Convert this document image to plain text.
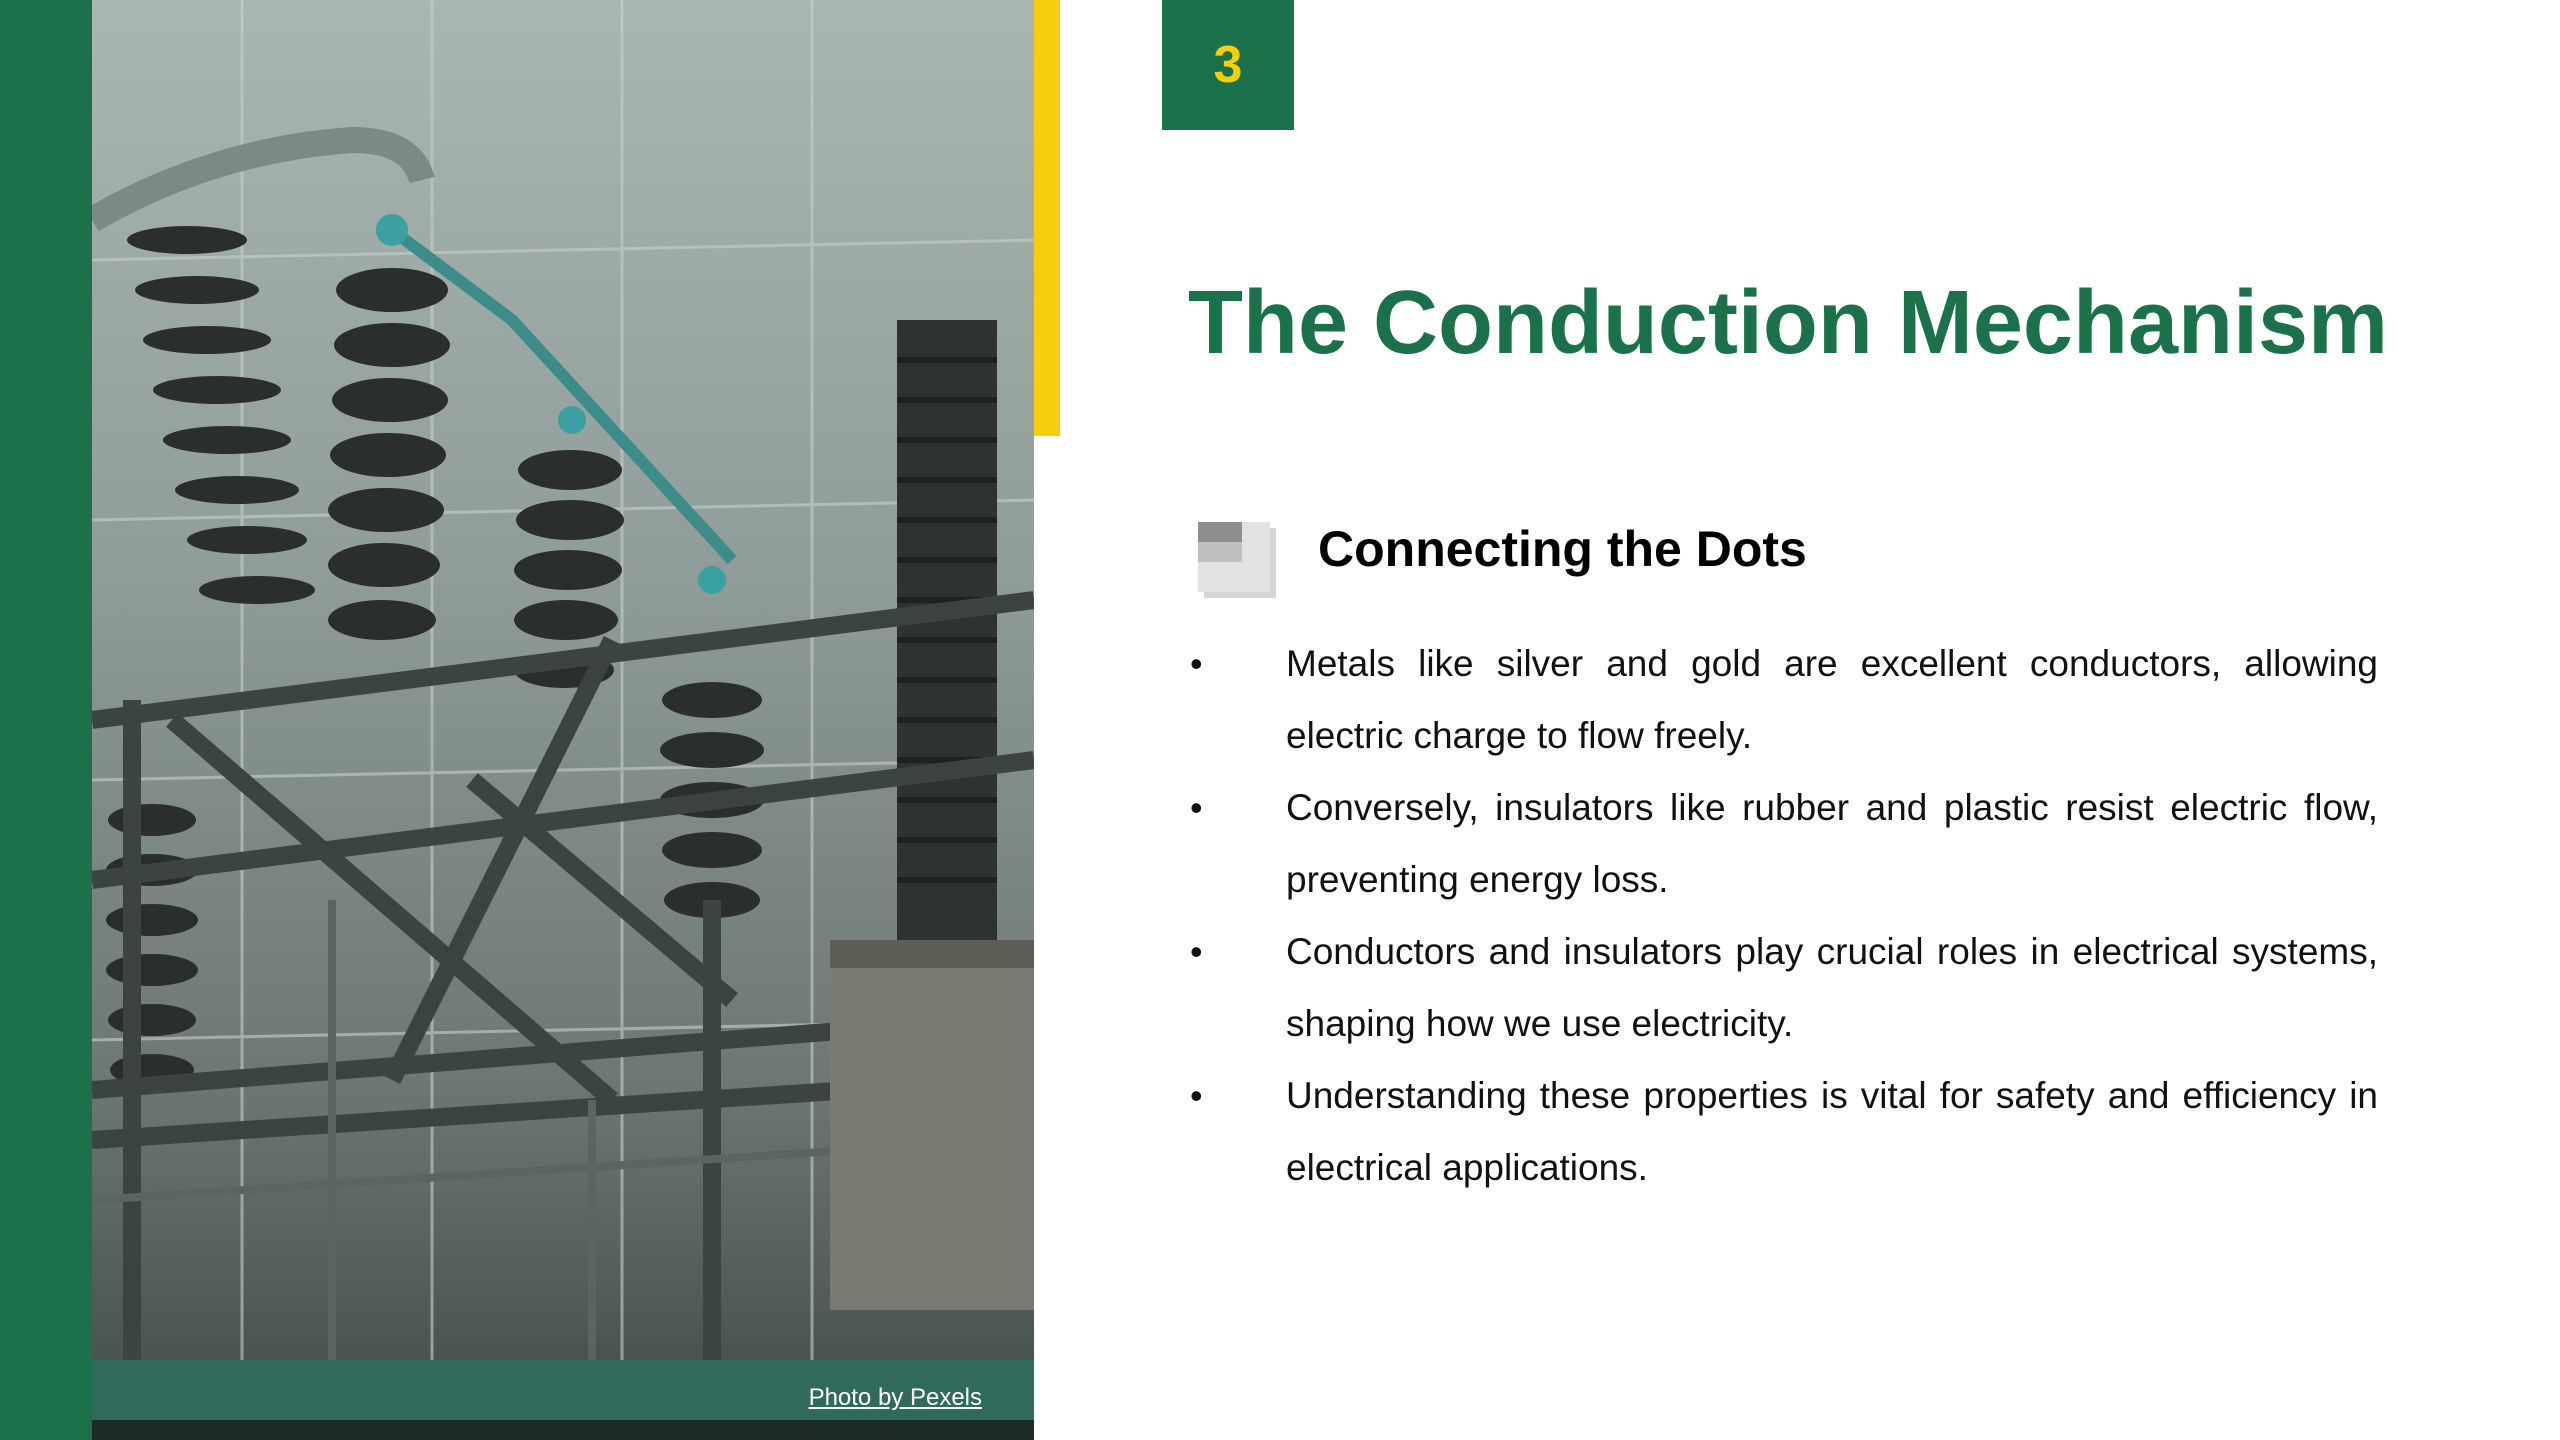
Photo by Pexels
3
The Conduction Mechanism
Connecting the Dots
• Metals like silver and gold are excellent conductors, allowing electric charge to flow freely.
• Conversely, insulators like rubber and plastic resist electric flow, preventing energy loss.
• Conductors and insulators play crucial roles in electrical systems, shaping how we use electricity.
• Understanding these properties is vital for safety and efficiency in electrical applications.
